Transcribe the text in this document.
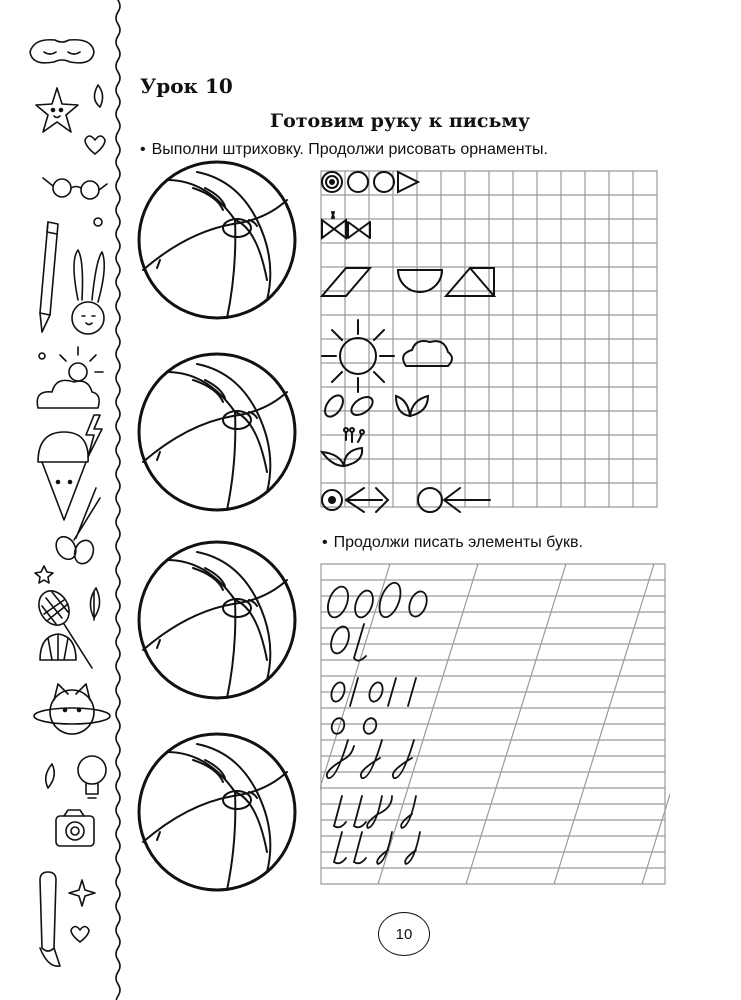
Урок 10
Готовим руку к письму

• Выполни штриховку. Продолжи рисовать орнаменты.

• Продолжи писать элементы букв.

10
